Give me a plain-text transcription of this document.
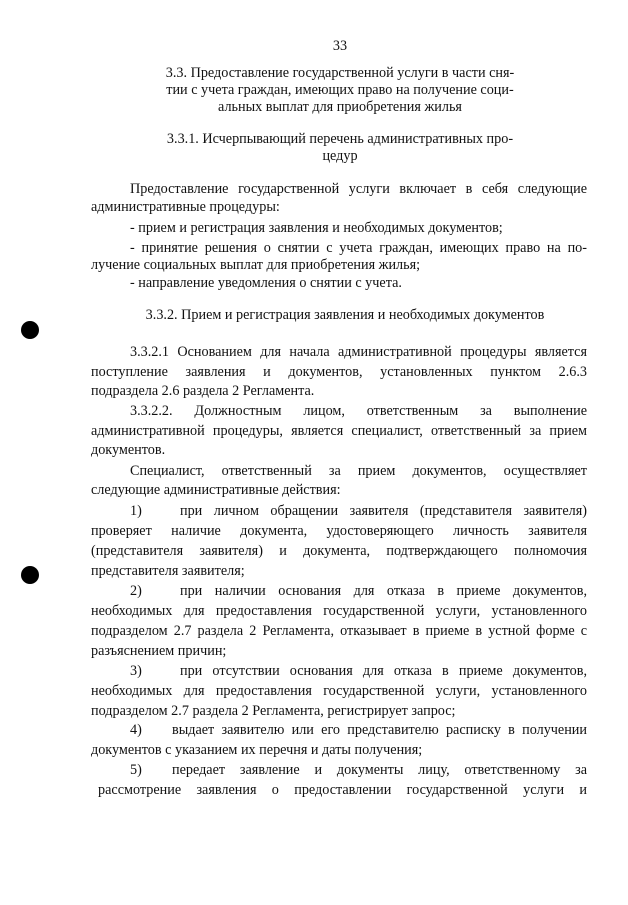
33
3.3. Предоставление государственной услуги в части сня-
тии с учета граждан, имеющих право на получение соци-
альных выплат для приобретения жилья
3.3.1. Исчерпывающий перечень административных про-
цедур
Предоставление государственной услуги включает в себя следующие
административные процедуры:
- прием и регистрация заявления и необходимых документов;
- принятие решения о снятии с учета граждан, имеющих право на по-
лучение социальных выплат для приобретения жилья;
- направление уведомления о снятии с учета.
3.3.2. Прием и регистрация заявления и необходимых документов
3.3.2.1 Основанием для начала административной процедуры является
поступление заявления и документов, установленных пунктом 2.6.3
подраздела 2.6 раздела 2 Регламента.
3.3.2.2. Должностным лицом, ответственным за выполнение
административной процедуры, является специалист, ответственный за прием
документов.
Специалист, ответственный за прием документов, осуществляет
следующие административные действия:
1)	при личном обращении заявителя (представителя заявителя)
проверяет наличие документа, удостоверяющего личность заявителя
(представителя заявителя) и документа, подтверждающего полномочия
представителя заявителя;
2)	при наличии основания для отказа в приеме документов,
необходимых для предоставления государственной услуги, установленного
подразделом 2.7 раздела 2 Регламента, отказывает в приеме в устной форме с
разъяснением причин;
3)	при отсутствии основания для отказа в приеме документов,
необходимых для предоставления государственной услуги, установленного
подразделом 2.7 раздела 2 Регламента, регистрирует запрос;
4) выдает заявителю или его представителю расписку в получении
документов с указанием их перечня и даты получения;
5) передает заявление и документы лицу, ответственному за
рассмотрение заявления о предоставлении государственной услуги и
